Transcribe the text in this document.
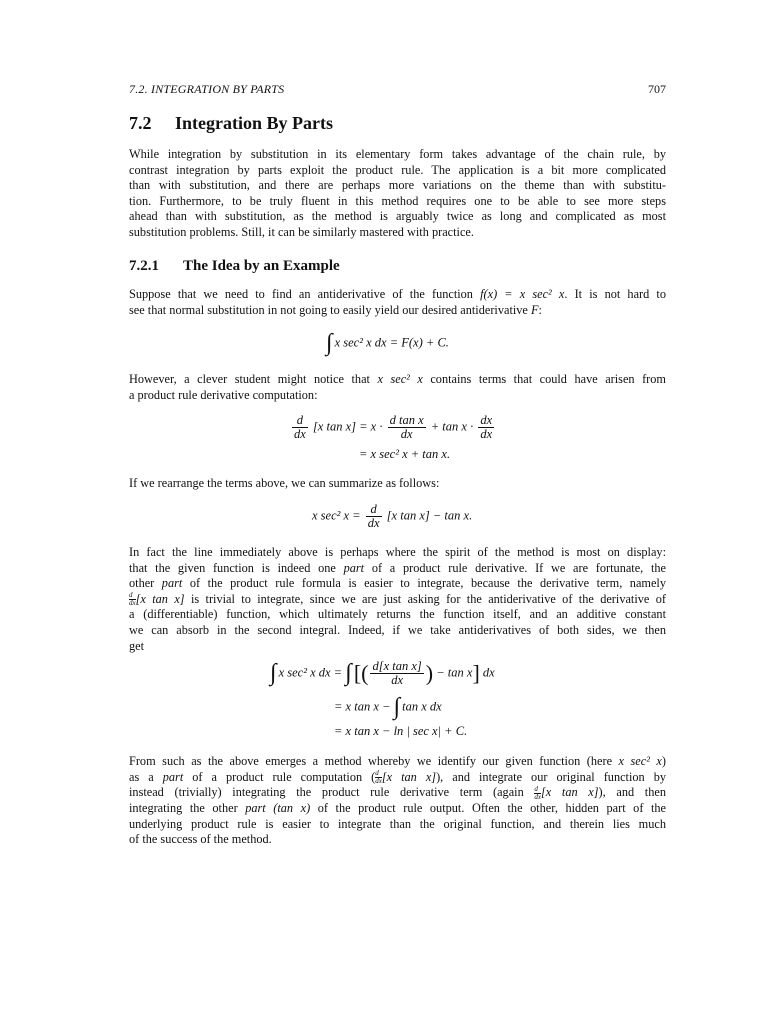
7.2. INTEGRATION BY PARTS	707
7.2 Integration By Parts
While integration by substitution in its elementary form takes advantage of the chain rule, by
contrast integration by parts exploit the product rule. The application is a bit more complicated
than with substitution, and there are perhaps more variations on the theme than with substitu-
tion. Furthermore, to be truly fluent in this method requires one to be able to see more steps
ahead than with substitution, as the method is arguably twice as long and complicated as most
substitution problems. Still, it can be similarly mastered with practice.
7.2.1 The Idea by an Example
Suppose that we need to find an antiderivative of the function f(x) = x sec² x. It is not hard to
see that normal substitution in not going to easily yield our desired antiderivative F:
∫ x sec² x dx = F(x) + C.
However, a clever student might notice that x sec² x contains terms that could have arisen from
a product rule derivative computation:
$\frac{d}{dx} [x$ $\tan x] = x \cdot \frac{\text{d tan x}}{dx} + \tan x \cdot \frac{dx}{dx}$
= x sec² x + tan x.
If we rearrange the terms above, we can summarize as follows:
x sec² $x = \frac{d}{dx} [x$ tan x] − tan x.
In fact the line immediately above is perhaps where the spirit of the method is most on display:
that the given function is indeed one part of a product rule derivative. If we are fortunate, the
other part of the product rule formula is easier to integrate, because the derivative term, namely
$\frac{d}{dx} [x$ tan x] is trivial to integrate, since we are just asking for the antiderivative of the derivative of
a (differentiable) function, which ultimately returns the function itself, and an additive constant
we can absorb in the second integral. Indeed, if we take antiderivatives of both sides, we then
get
∫ x sec² x dx = ∫[( $\frac{\text{d[x tan x]}}{dx}$ ) − tan x] dx
= x tan x − ∫ tan x dx
= x tan x − ln | sec x| + C.
From such as the above emerges a method whereby we identify our given function (here x sec² x)
as a part of a product rule computation ( $\frac{d}{dx} [x$ tan x]), and integrate our original function by
instead (trivially) integrating the product rule derivative term (again $\frac{d}{dx} [x$ tan x]), and then
integrating the other part (tan x) of the product rule output. Often the other, hidden part of the
underlying product rule is easier to integrate than the original function, and therein lies much
of the success of the method.
